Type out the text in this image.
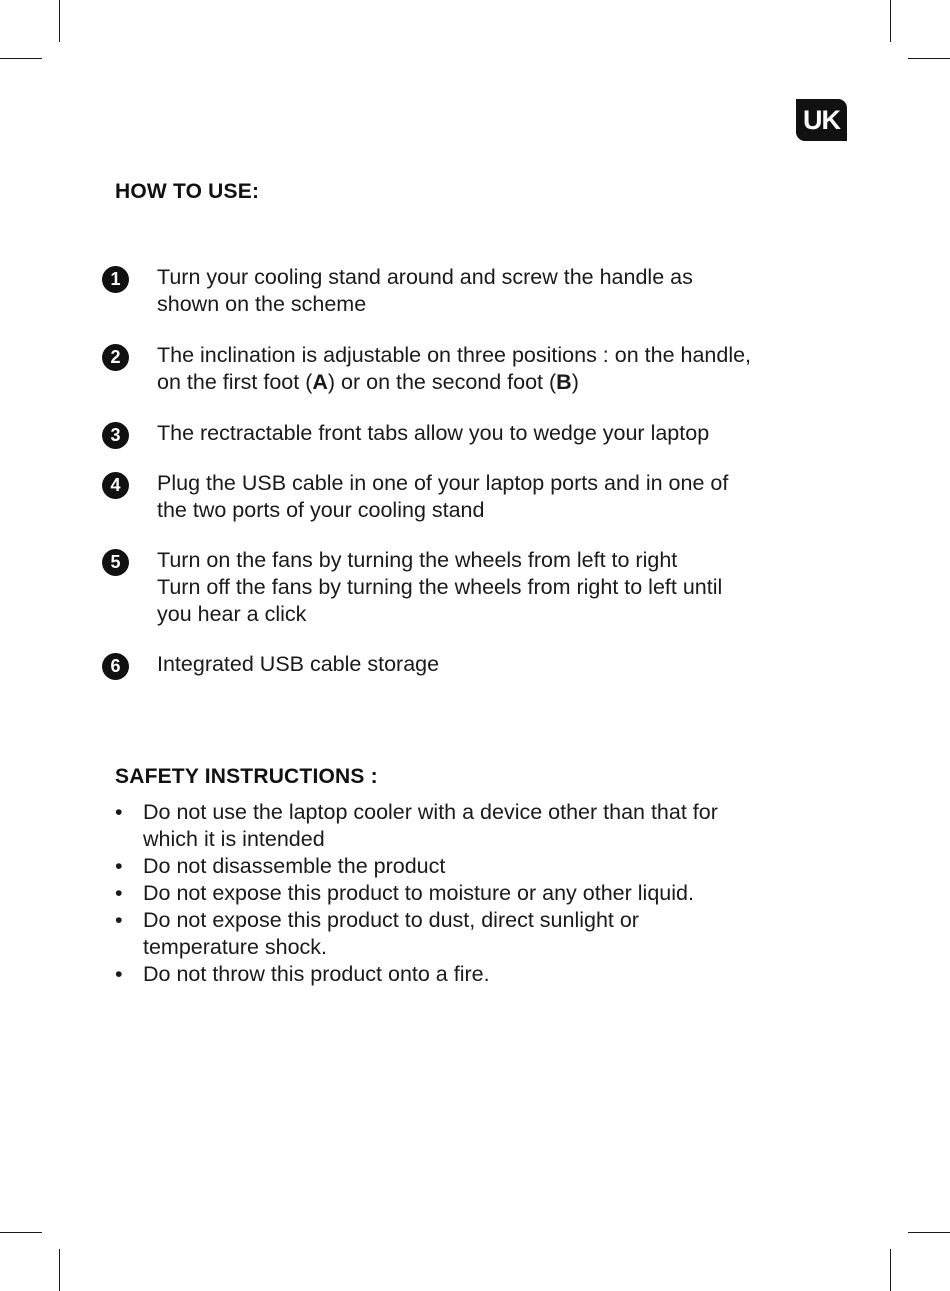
UK
HOW TO USE:
1	Turn your cooling stand around and screw the handle as
shown on the scheme
2	The inclination is adjustable on three positions : on the handle,
on the first foot (A) or on the second foot (B)
3	The rectractable front tabs allow you to wedge your laptop
4	Plug the USB cable in one of your laptop ports and in one of
the two ports of your cooling stand
5	Turn on the fans by turning the wheels from left to right
Turn off the fans by turning the wheels from right to left until
you hear a click
6	Integrated USB cable storage
SAFETY INSTRUCTIONS :
• Do not use the laptop cooler with a device other than that for
which it is intended
• Do not disassemble the product
• Do not expose this product to moisture or any other liquid.
• Do not expose this product to dust, direct sunlight or
temperature shock.
• Do not throw this product onto a fire.
